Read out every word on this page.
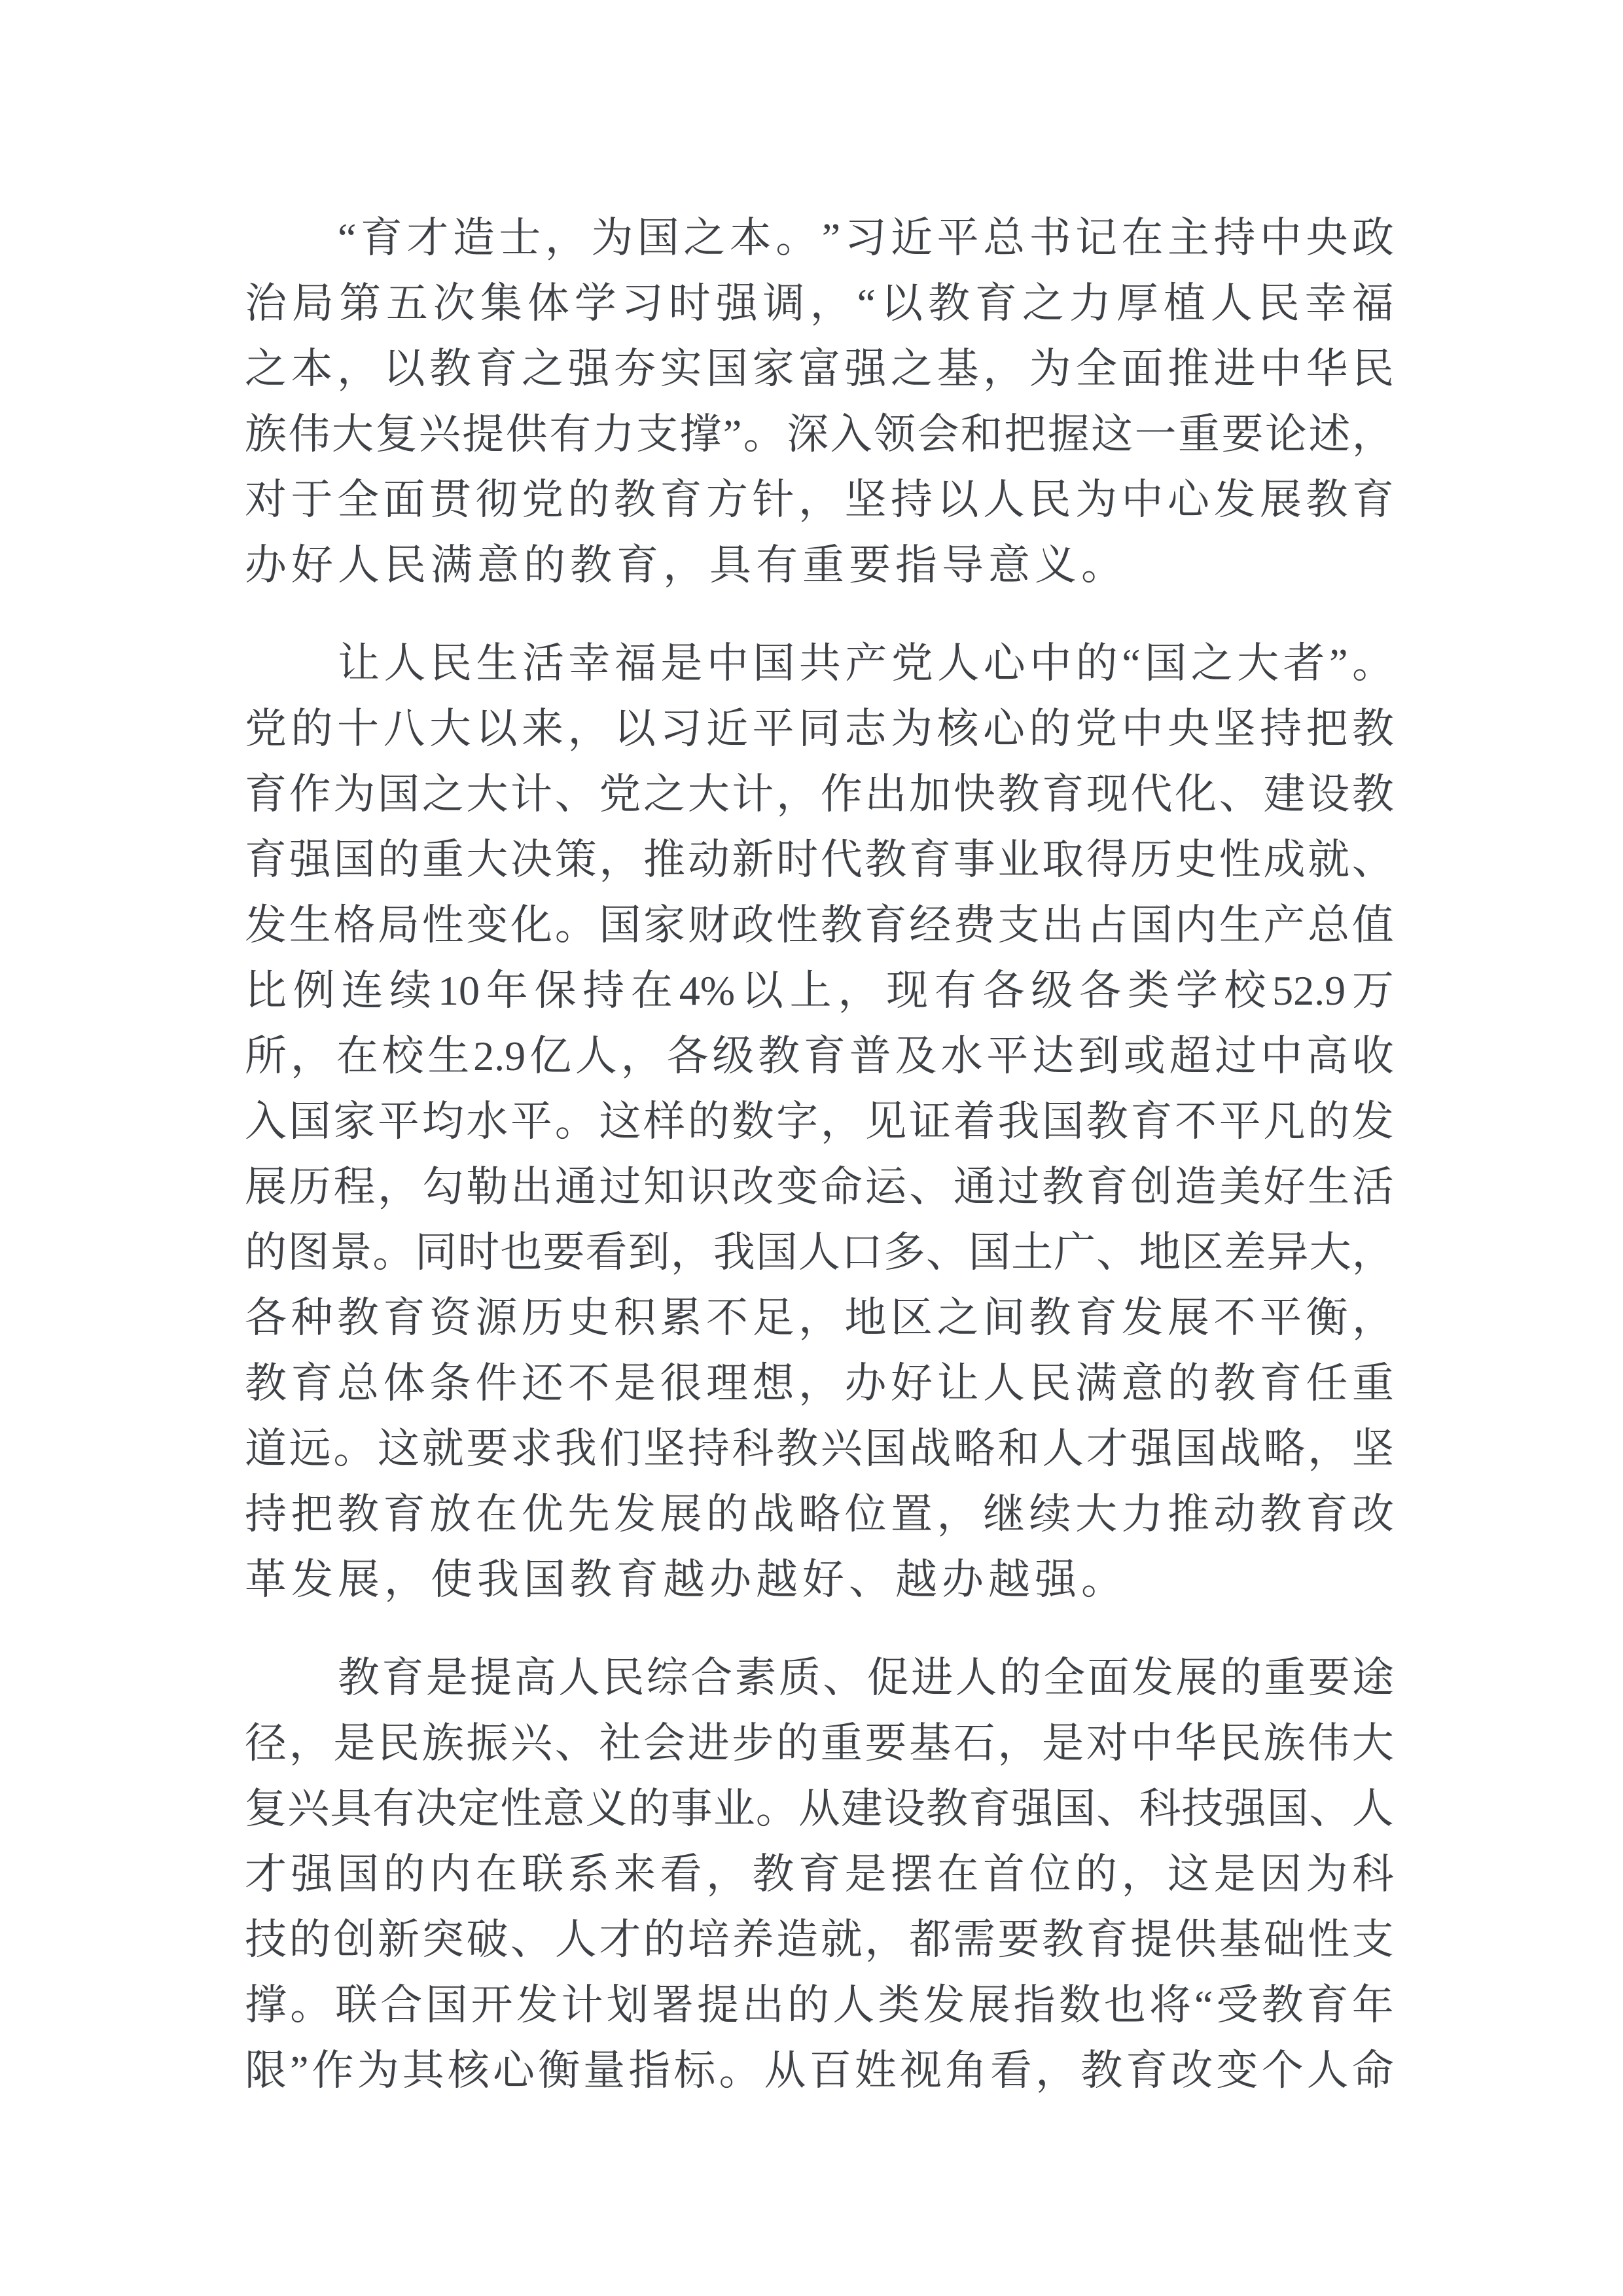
“ 育 才 造 士 ， 为 国 之 本 。 ” 习 近 平 总 书 记 在 主 持 中 央 政
治 局 第 五 次 集 体 学 习 时 强 调 ， “ 以 教 育 之 力 厚 植 人 民 幸 福
之 本 ， 以 教 育 之 强 夯 实 国 家 富 强 之 基 ， 为 全 面 推 进 中 华 民
族 伟 大 复 兴 提 供 有 力 支 撑 ” 。 深 入 领 会 和 把 握 这 一 重 要 论 述 ，
对 于 全 面 贯 彻 党 的 教 育 方 针 ， 坚 持 以 人 民 为 中 心 发 展 教 育
办好人民满意的教育，具有重要指导意义。
让 人 民 生 活 幸 福 是 中 国 共 产 党 人 心 中 的 “ 国 之 大 者 ” 。
党 的 十 八 大 以 来 ， 以 习 近 平 同 志 为 核 心 的 党 中 央 坚 持 把 教
育 作 为 国 之 大 计 、 党 之 大 计 ， 作 出 加 快 教 育 现 代 化 、 建 设 教
育 强 国 的 重 大 决 策 ， 推 动 新 时 代 教 育 事 业 取 得 历 史 性 成 就 、
发 生 格 局 性 变 化 。 国 家 财 政 性 教 育 经 费 支 出 占 国 内 生 产 总 值
比 例 连 续 10 年 保 持 在 4% 以 上 ， 现 有 各 级 各 类 学 校 52.9 万
所 ， 在 校 生 2.9 亿 人 ， 各 级 教 育 普 及 水 平 达 到 或 超 过 中 高 收
入 国 家 平 均 水 平 。 这 样 的 数 字 ， 见 证 着 我 国 教 育 不 平 凡 的 发
展 历 程 ， 勾 勒 出 通 过 知 识 改 变 命 运 、 通 过 教 育 创 造 美 好 生 活
的 图 景 。 同 时 也 要 看 到 ， 我 国 人 口 多 、 国 土 广 、 地 区 差 异 大 ，
各 种 教 育 资 源 历 史 积 累 不 足 ， 地 区 之 间 教 育 发 展 不 平 衡 ，
教 育 总 体 条 件 还 不 是 很 理 想 ， 办 好 让 人 民 满 意 的 教 育 任 重
道 远 。 这 就 要 求 我 们 坚 持 科 教 兴 国 战 略 和 人 才 强 国 战 略 ， 坚
持 把 教 育 放 在 优 先 发 展 的 战 略 位 置 ， 继 续 大 力 推 动 教 育 改
革发展，使我国教育越办越好、越办越强。
教 育 是 提 高 人 民 综 合 素 质 、 促 进 人 的 全 面 发 展 的 重 要 途
径 ， 是 民 族 振 兴 、 社 会 进 步 的 重 要 基 石 ， 是 对 中 华 民 族 伟 大
复 兴 具 有 决 定 性 意 义 的 事 业 。 从 建 设 教 育 强 国 、 科 技 强 国 、 人
才 强 国 的 内 在 联 系 来 看 ， 教 育 是 摆 在 首 位 的 ， 这 是 因 为 科
技 的 创 新 突 破 、 人 才 的 培 养 造 就 ， 都 需 要 教 育 提 供 基 础 性 支
撑 。 联 合 国 开 发 计 划 署 提 出 的 人 类 发 展 指 数 也 将 “ 受 教 育 年
限 ” 作 为 其 核 心 衡 量 指 标 。 从 百 姓 视 角 看 ， 教 育 改 变 个 人 命
